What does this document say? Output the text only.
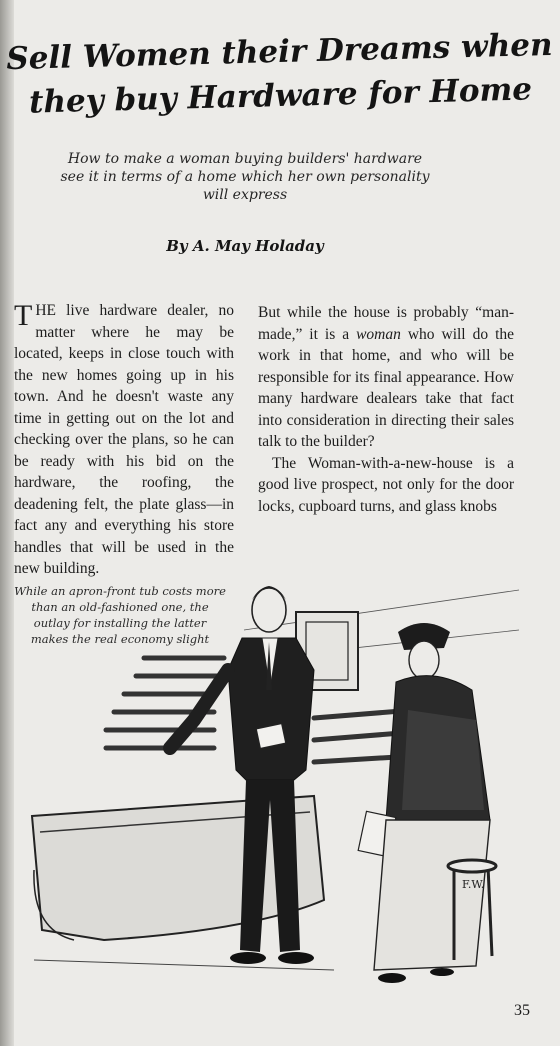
Sell Women their Dreams when
they buy Hardware for Home
How to make a woman buying builders' hardware see it in terms of a home which her own personality will express
By A. May Holaday

THE live hardware dealer, no matter where he may be located, keeps in close touch with the new homes going up in his town. And he doesn't waste any time in getting out on the lot and checking over the plans, so he can be ready with his bid on the hardware, the roofing, the deadening felt, the plate glass—in fact any and everything his store handles that will be used in the new building.

But while the house is probably “man-made,” it is a woman who will do the work in that home, and who will be responsible for its final appearance. How many hardware dealears take that fact into consideration in directing their sales talk to the builder?

The Woman-with-a-new-house is a good live prospect, not only for the door locks, cupboard turns, and glass knobs

F.W.
While an apron-front tub costs more than an old-fashioned one, the outlay for installing the latter makes the real economy slight
35
